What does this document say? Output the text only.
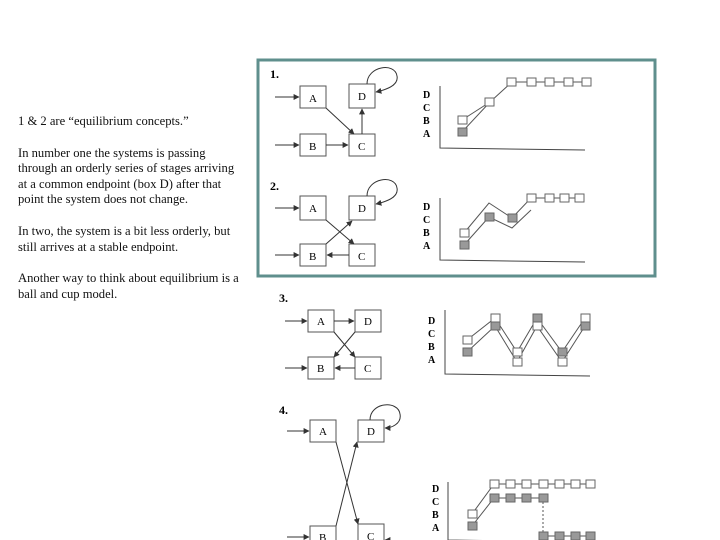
1 & 2 are “equilibrium concepts.”

In number one the systems is passing through an orderly series of stages arriving at a common endpoint (box D) after that point the system does not change.

In two, the system is a bit less orderly, but still arrives at a stable endpoint.

Another way to think about equilibrium is a ball and cup model.

1.
A	D
B	C
D
C
B
A
2.
A	D
B	C
D
C
B
A
3.
A	D
B	C
D
C
B
A
4.
A	D
B	C
D
C
B
A
